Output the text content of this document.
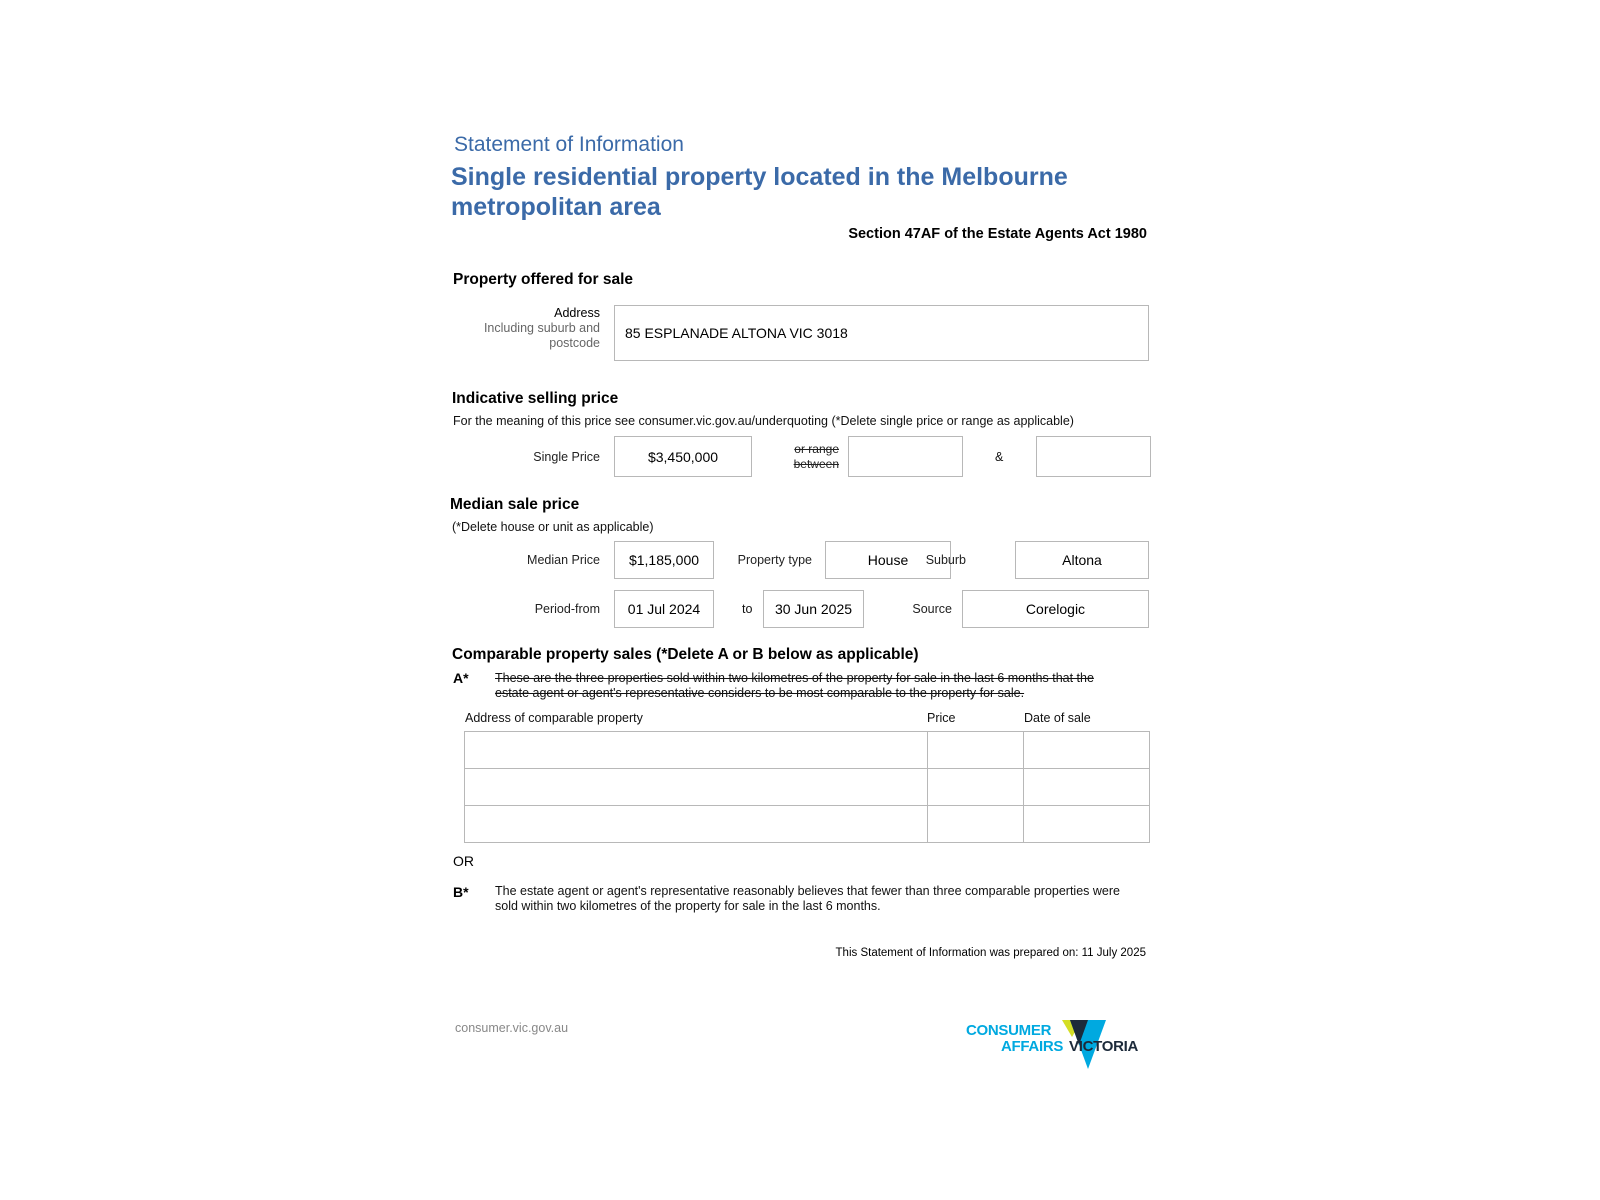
Statement of Information
Single residential property located in the Melbourne
metropolitan area
Section 47AF of the Estate Agents Act 1980
Property offered for sale
Address
Including suburb and
postcode
85 ESPLANADE ALTONA VIC 3018
Indicative selling price
For the meaning of this price see consumer.vic.gov.au/underquoting (*Delete single price or range as applicable)
Single Price	$3,450,000	or range
between	&
Median sale price
(*Delete house or unit as applicable)
Median Price $1,185,000	Property type	House Suburb	Altona
Period-from 01 Jul 2024	to 30 Jun 2025	Source	Corelogic
Comparable property sales (*Delete A or B below as applicable)
A* These are the three properties sold within two kilometres of the property for sale in the last 6 months that the
estate agent or agent's representative considers to be most comparable to the property for sale.
Address of comparable property	Price	Date of sale

OR
B* The estate agent or agent's representative reasonably believes that fewer than three comparable properties were
sold within two kilometres of the property for sale in the last 6 months.
This Statement of Information was prepared on: 11 July 2025
consumer.vic.gov.au	CONSUMER
AFFAIRS VICTORIA
